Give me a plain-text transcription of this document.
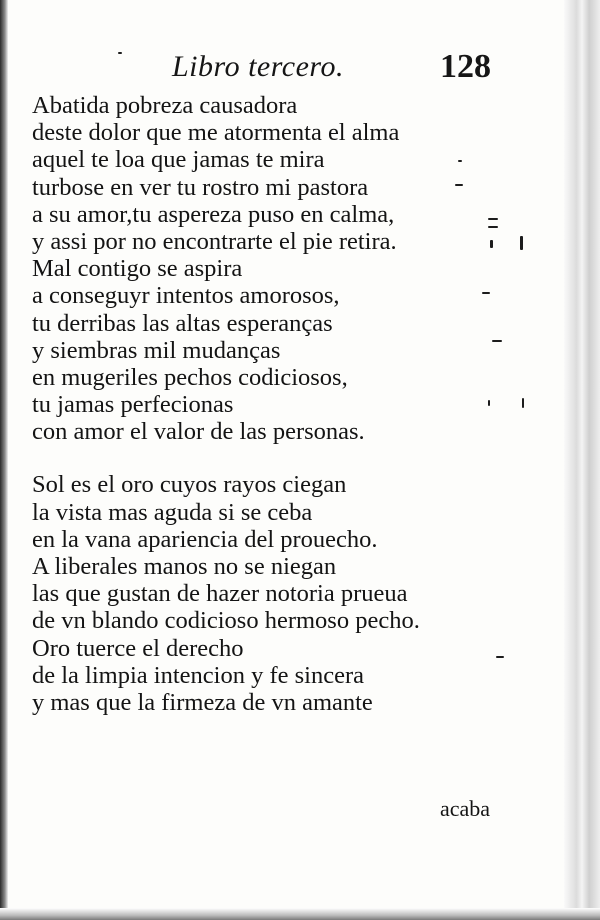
Libro tercero.	128
Abatida pobreza causadora
deste dolor que me atormenta el alma
aquel te loa que jamas te mira
turbose en ver tu rostro mi pastora
a su amor,tu aspereza puso en calma,
y assi por no encontrarte el pie retira.
Mal contigo se aspira
a conseguyr intentos amorosos,
tu derribas las altas esperanças
y siembras mil mudanças
en mugeriles pechos codiciosos,
tu jamas perfecionas
con amor el valor de las personas.
Sol es el oro cuyos rayos ciegan
la vista mas aguda si se ceba
en la vana apariencia del prouecho.
A liberales manos no se niegan
las que gustan de hazer notoria prueua
de vn blando codicioso hermoso pecho.
Oro tuerce el derecho
de la limpia intencion y fe sincera
y mas que la firmeza de vn amante
acaba
